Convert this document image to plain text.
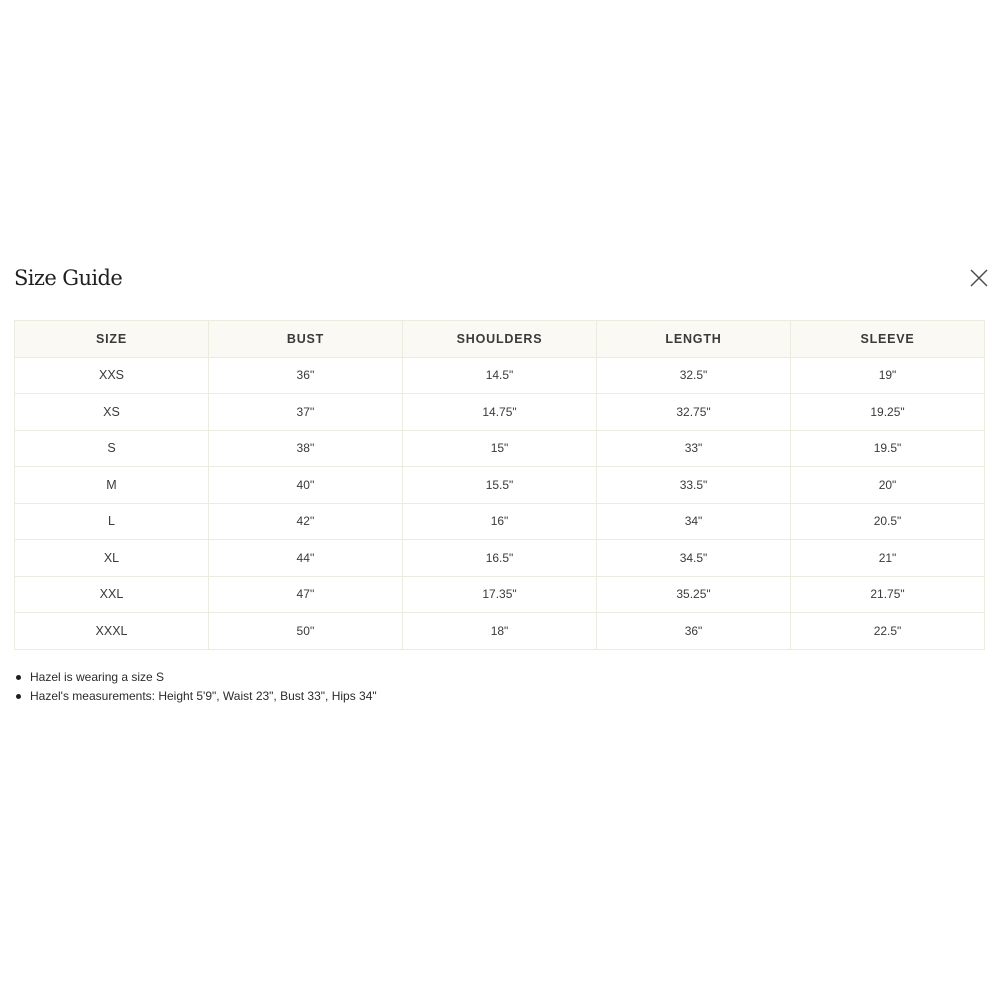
Size Guide
SIZE	BUST	SHOULDERS	LENGTH	SLEEVE
XXS	36''	14.5"	32.5"	19"
XS	37''	14.75"	32.75"	19.25"
S	38''	15"	33"	19.5"
M	40''	15.5"	33.5"	20"
L	42''	16"	34"	20.5"
XL	44''	16.5"	34.5"	21"
XXL	47''	17.35"	35.25"	21.75"
XXXL	50''	18"	36"	22.5"
Hazel is wearing a size S
Hazel's measurements: Height 5'9", Waist 23", Bust 33", Hips 34"
